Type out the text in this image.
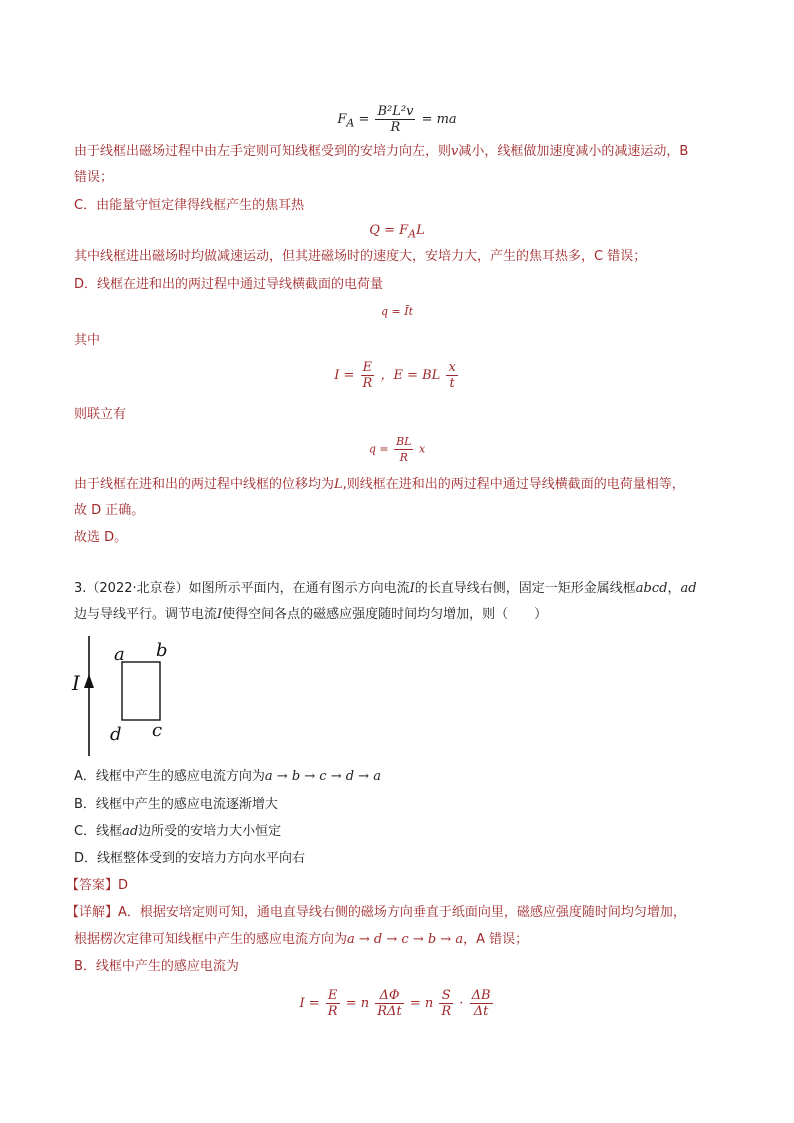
$F_A = \frac{\text{B²L²v}}{R}$ = ma
由于线框出磁场过程中由左手定则可知线框受到的安培力向左，则v减小，线框做加速度减小的减速运动，B
错误；
C．由能量守恒定律得线框产生的焦耳热
$Q = F_AL$
其中线框进出磁场时均做减速运动，但其进磁场时的速度大，安培力大，产生的焦耳热多，C 错误；
D．线框在进和出的两过程中通过导线横截面的电荷量
q = Īt
其中
$I = \frac{E}{R}$ ，E = BL $\frac{x}{t}$
则联立有
$q = \frac{BL}{R}$ x
由于线框在进和出的两过程中线框的位移均为L,则线框在进和出的两过程中通过导线横截面的电荷量相等，
故 D 正确。
故选 D。
3.（2022·北京卷）如图所示平面内，在通有图示方向电流I的长直导线右侧，固定一矩形金属线框abcd，ad
边与导线平行。调节电流I使得空间各点的磁感应强度随时间均匀增加，则（　　）
I
a b
c
d
A．线框中产生的感应电流方向为a → b → c → d → a
B．线框中产生的感应电流逐渐增大
C．线框ad边所受的安培力大小恒定
D．线框整体受到的安培力方向水平向右
【答案】D
【详解】A．根据安培定则可知，通电直导线右侧的磁场方向垂直于纸面向里，磁感应强度随时间均匀增加，
根据楞次定律可知线框中产生的感应电流方向为a → d → c → b → a，A 错误；
B．线框中产生的感应电流为
$I = \frac{E}{R} = n \frac{\Delta\Phi}{\text{RΔt}} = n \frac{S}{R} \cdot \frac{\Delta B}{\Delta t}$
